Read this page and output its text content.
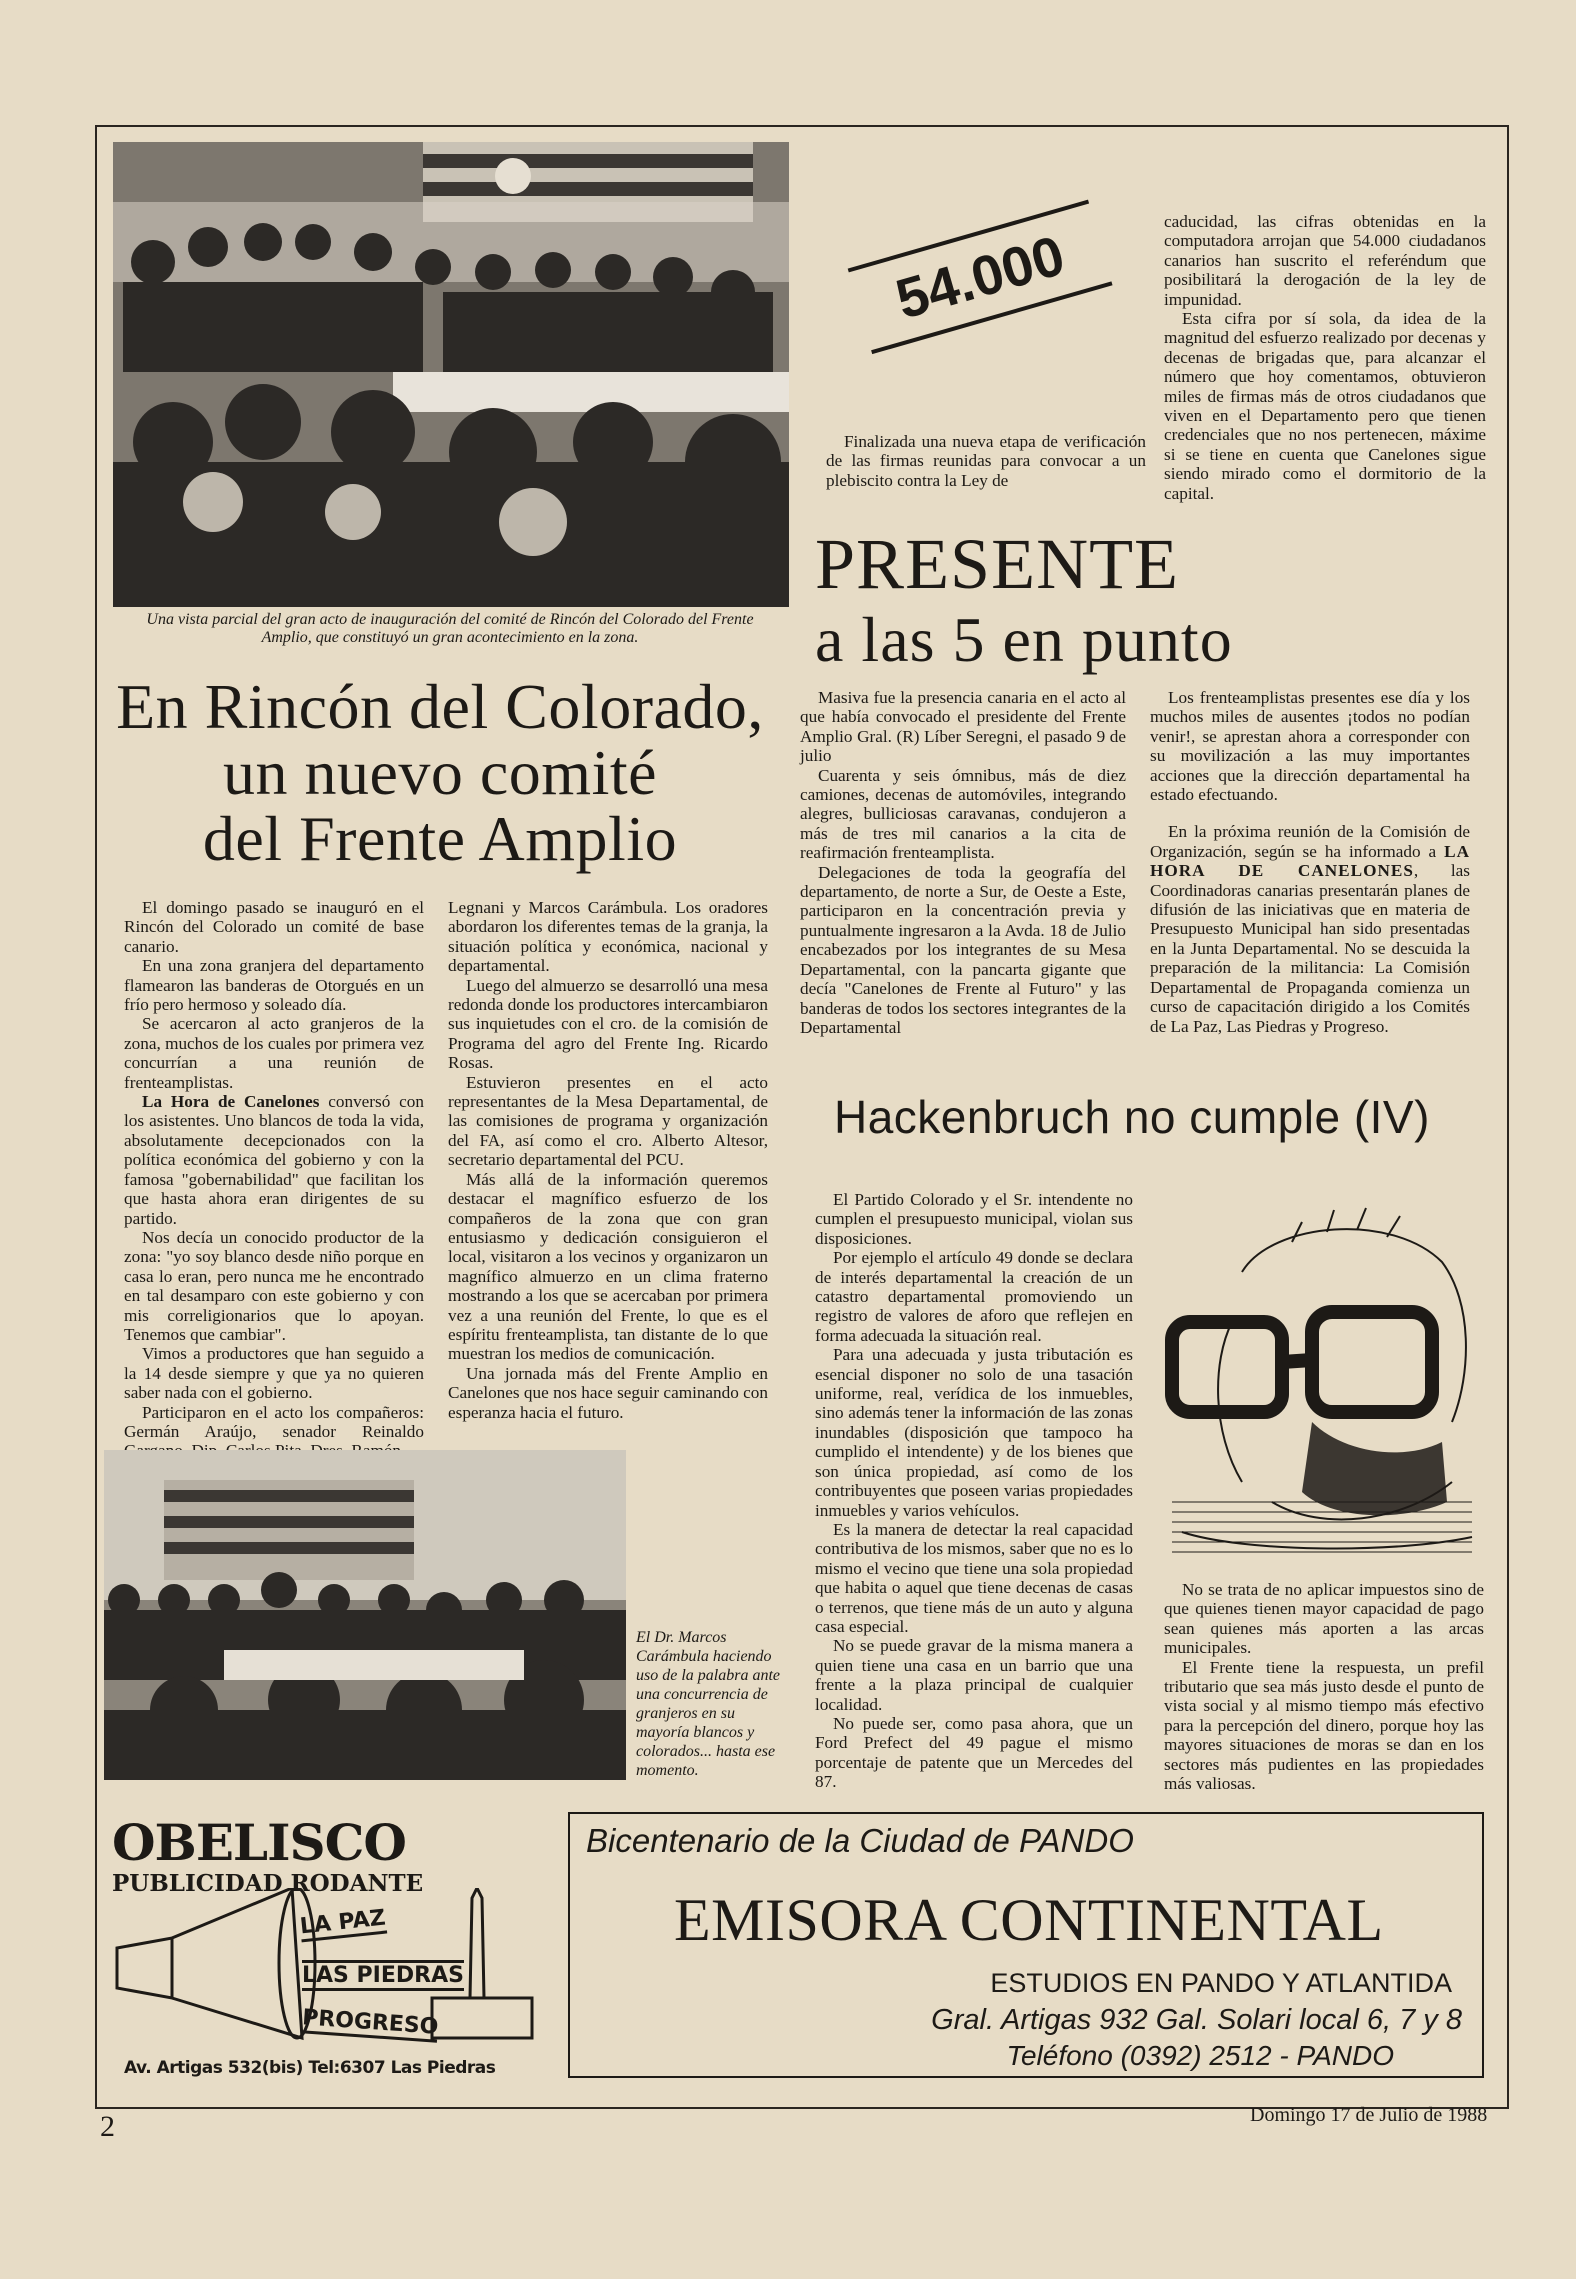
Una vista parcial del gran acto de inauguración del comité de Rincón del Colorado del Frente Amplio, que constituyó un gran acontecimiento en la zona.
54.000

Finalizada una nueva etapa de verificación de las firmas reunidas para convocar a un plebiscito contra la Ley de

caducidad, las cifras obtenidas en la computadora arrojan que 54.000 ciudadanos canarios han suscrito el referéndum que posibilitará la derogación de la ley de impunidad.

Esta cifra por sí sola, da idea de la magnitud del esfuerzo realizado por decenas y decenas de brigadas que, para alcanzar el número que hoy comentamos, obtuvieron miles de firmas más de otros ciudadanos que viven en el Departamento pero que tienen credenciales que no nos pertenecen, máxime si se tiene en cuenta que Canelones sigue siendo mirado como el dormitorio de la capital.

PRESENTE
a las 5 en punto
En Rincón del Colorado,
un nuevo comité
del Frente Amplio

El domingo pasado se inauguró en el Rincón del Colorado un comité de base canario.

En una zona granjera del departamento flamearon las banderas de Otorgués en un frío pero hermoso y soleado día.

Se acercaron al acto granjeros de la zona, muchos de los cuales por primera vez concurrían a una reunión de frenteamplistas.

La Hora de Canelones conversó con los asistentes. Uno blancos de toda la vida, absolutamente decepcionados con la política económica del gobierno y con la famosa "gobernabilidad" que facilitan los que hasta ahora eran dirigentes de su partido.

Nos decía un conocido productor de la zona: "yo soy blanco desde niño porque en casa lo eran, pero nunca me he encontrado en tal desamparo con este gobierno y con mis correligionarios que lo apoyan. Tenemos que cambiar".

Vimos a productores que han seguido a la 14 desde siempre y que ya no quieren saber nada con el gobierno.

Participaron en el acto los compañeros: Germán Araújo, senador Reinaldo

Legnani y Marcos Carámbula. Los oradores abordaron los diferentes temas de la granja, la situación política y económica, nacional y departamental.

Luego del almuerzo se desarrolló una mesa redonda donde los productores intercambiaron sus inquietudes con el cro. de la comisión de Programa del agro del Frente Ing. Ricardo Rosas.

Estuvieron presentes en el acto representantes de la Mesa Departamental, de las comisiones de programa y organización del FA, así como el cro. Alberto Altesor, secretario departamental del PCU.

Más allá de la información queremos destacar el magnífico esfuerzo de los compañeros de la zona que con gran entusiasmo y dedicación consiguieron el local, visitaron a los vecinos y organizaron un magnífico almuerzo en un clima fraterno mostrando a los que se acercaban por primera vez a una reunión del Frente, lo que es el espíritu frenteamplista, tan distante de lo que muestran los medios de comunicación.

Una jornada más del Frente Amplio en Canelones que nos hace seguir caminando con esperanza hacia el futuro.

Masiva fue la presencia canaria en el acto al que había convocado el presidente del Frente Amplio Gral. (R) Líber Seregni, el pasado 9 de julio

Cuarenta y seis ómnibus, más de diez camiones, decenas de automóviles, integrando alegres, bulliciosas caravanas, condujeron a más de tres mil canarios a la cita de reafirmación frenteamplista.

Delegaciones de toda la geografía del departamento, de norte a Sur, de Oeste a Este, participaron en la concentración previa y puntualmente ingresaron a la Avda. 18 de Julio encabezados por los integrantes de su Mesa Departamental, con la pancarta gigante que decía "Canelones de Frente al Futuro" y las banderas de todos los sectores integrantes de la Departamental

Los frenteamplistas presentes ese día y los muchos miles de ausentes ¡todos no podían venir!, se aprestan ahora a corresponder con su movilización a las muy importantes acciones que la dirección departamental ha estado efectuando.

En la próxima reunión de la Comisión de Organización, según se ha informado a LA HORA DE CANELONES, las Coordinadoras canarias presentarán planes de difusión de las iniciativas que en materia de Presupuesto Municipal han sido presentadas en la Junta Departamental. No se descuida la preparación de la militancia: La Comisión Departamental de Propaganda comienza un curso de capacitación dirigido a los Comités de La Paz, Las Piedras y Progreso.

Hackenbruch no cumple (IV)

El Partido Colorado y el Sr. intendente no cumplen el presupuesto municipal, violan sus disposiciones.

Por ejemplo el artículo 49 donde se declara de interés departamental la creación de un catastro departamental promoviendo un registro de valores de aforo que reflejen en forma adecuada la situación real.

Para una adecuada y justa tributación es esencial disponer no solo de una tasación uniforme, real, verídica de los inmuebles, sino además tener la información de las zonas inundables (disposición que tampoco ha cumplido el intendente) y de los bienes que son única propiedad, así como de los contribuyentes que poseen varias propiedades inmuebles y varios vehículos.

Es la manera de detectar la real capacidad contributiva de los mismos, saber que no es lo mismo el vecino que tiene una sola propiedad que habita o aquel que tiene decenas de casas o terrenos, que tiene más de un auto y alguna casa especial.

No se puede gravar de la misma manera a quien tiene una casa en un barrio que una frente a la plaza principal de cualquier localidad.

No puede ser, como pasa ahora, que un Ford Prefect del 49 pague el mismo porcentaje de patente que un Mercedes del 87.

No se trata de no aplicar impuestos sino de que quienes tienen mayor capacidad de pago sean quienes más aporten a las arcas municipales.

El Frente tiene la respuesta, un prefil tributario que sea más justo desde el punto de vista social y al mismo tiempo más efectivo para la percepción del dinero, porque hoy las mayores situaciones de moras se dan en los sectores más pudientes en las propiedades más valiosas.

El Dr. Marcos Carámbula haciendo uso de la palabra ante una concurrencia de granjeros en su mayoría blancos y colorados... hasta ese momento.
OBELISCO
PUBLICIDAD RODANTE
LA PAZ
LAS PIEDRAS
PROGRESO
Av. Artigas 532(bis) Tel:6307 Las Piedras
Bicentenario de la Ciudad de PANDO
EMISORA CONTINENTAL
ESTUDIOS EN PANDO Y ATLANTIDA
Gral. Artigas 932 Gal. Solari local 6, 7 y 8
Teléfono (0392) 2512 - PANDO
2	Domingo 17 de Julio de 1988
